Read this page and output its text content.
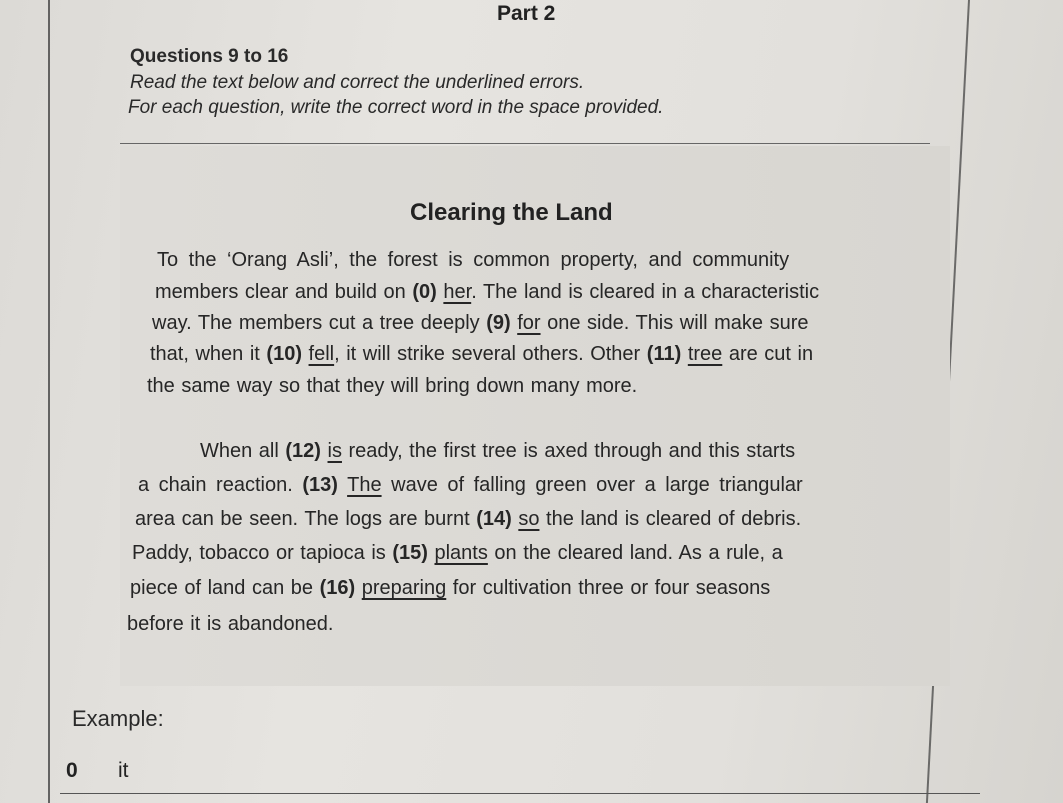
Part 2
Questions 9 to 16
Read the text below and correct the underlined errors.
For each question, write the correct word in the space provided.
Clearing the Land
To the ‘Orang Asli’, the forest is common property, and community
members clear and build on (0) her. The land is cleared in a characteristic
way. The members cut a tree deeply (9) for one side. This will make sure
that, when it (10) fell, it will strike several others. Other (11) tree are cut in
the same way so that they will bring down many more.
When all (12) is ready, the first tree is axed through and this starts
a chain reaction. (13) The wave of falling green over a large triangular
area can be seen. The logs are burnt (14) so the land is cleared of debris.
Paddy, tobacco or tapioca is (15) plants on the cleared land. As a rule, a
piece of land can be (16) preparing for cultivation three or four seasons
before it is abandoned.
Example:
0 it
